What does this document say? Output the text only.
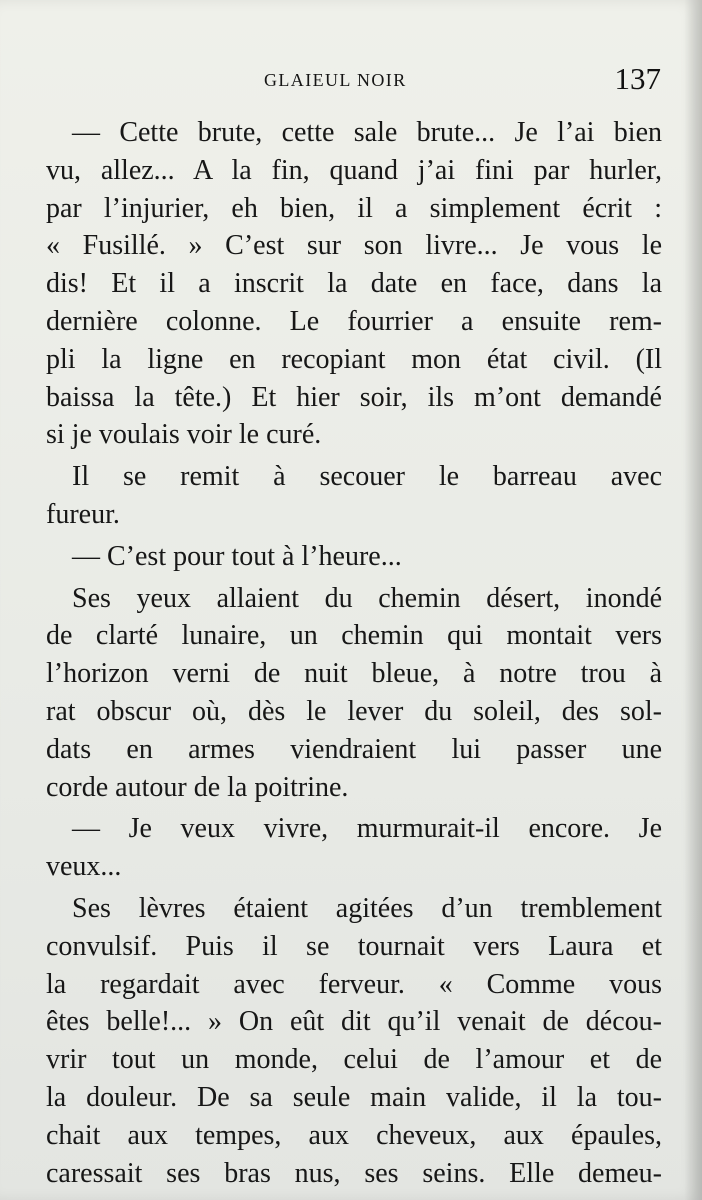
GLAIEUL NOIR	137
— Cette brute, cette sale brute... Je l’ai bien
vu, allez... A la fin, quand j’ai fini par hurler,
par l’injurier, eh bien, il a simplement écrit :
« Fusillé. » C’est sur son livre... Je vous le
dis! Et il a inscrit la date en face, dans la
dernière colonne. Le fourrier a ensuite rem-
pli la ligne en recopiant mon état civil. (Il
baissa la tête.) Et hier soir, ils m’ont demandé
si je voulais voir le curé.
Il se remit à secouer le barreau avec
fureur.
— C’est pour tout à l’heure...
Ses yeux allaient du chemin désert, inondé
de clarté lunaire, un chemin qui montait vers
l’horizon verni de nuit bleue, à notre trou à
rat obscur où, dès le lever du soleil, des sol-
dats en armes viendraient lui passer une
corde autour de la poitrine.
— Je veux vivre, murmurait-il encore. Je
veux...
Ses lèvres étaient agitées d’un tremblement
convulsif. Puis il se tournait vers Laura et
la regardait avec ferveur. « Comme vous
êtes belle!... » On eût dit qu’il venait de décou-
vrir tout un monde, celui de l’amour et de
la douleur. De sa seule main valide, il la tou-
chait aux tempes, aux cheveux, aux épaules,
caressait ses bras nus, ses seins. Elle demeu-
